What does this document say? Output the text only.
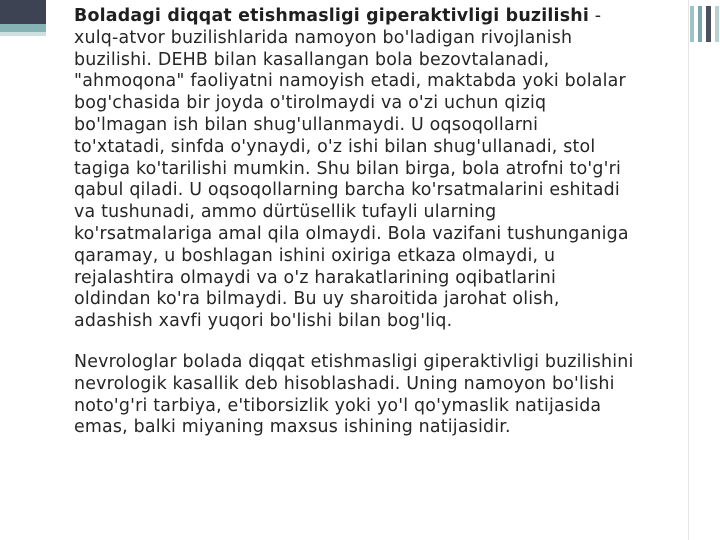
Boladagi diqqat etishmasligi giperaktivligi buzilishi - xulq-atvor buzilishlarida namoyon bo'ladigan rivojlanish buzilishi. DEHB bilan kasallangan bola bezovtalanadi, "ahmoqona" faoliyatni namoyish etadi, maktabda yoki bolalar bog'chasida bir joyda o'tirolmaydi va o'zi uchun qiziq bo'lmagan ish bilan shug'ullanmaydi. U oqsoqollarni to'xtatadi, sinfda o'ynaydi, o'z ishi bilan shug'ullanadi, stol tagiga ko'tarilishi mumkin. Shu bilan birga, bola atrofni to'g'ri qabul qiladi. U oqsoqollarning barcha ko'rsatmalarini eshitadi va tushunadi, ammo dürtüsellik tufayli ularning ko'rsatmalariga amal qila olmaydi. Bola vazifani tushunganiga qaramay, u boshlagan ishini oxiriga etkaza olmaydi, u rejalashtira olmaydi va o'z harakatlarining oqibatlarini oldindan ko'ra bilmaydi. Bu uy sharoitida jarohat olish, adashish xavfi yuqori bo'lishi bilan bog'liq.

Nevrologlar bolada diqqat etishmasligi giperaktivligi buzilishini nevrologik kasallik deb hisoblashadi. Uning namoyon bo'lishi noto'g'ri tarbiya, e'tiborsizlik yoki yo'l qo'ymaslik natijasida emas, balki miyaning maxsus ishining natijasidir.
